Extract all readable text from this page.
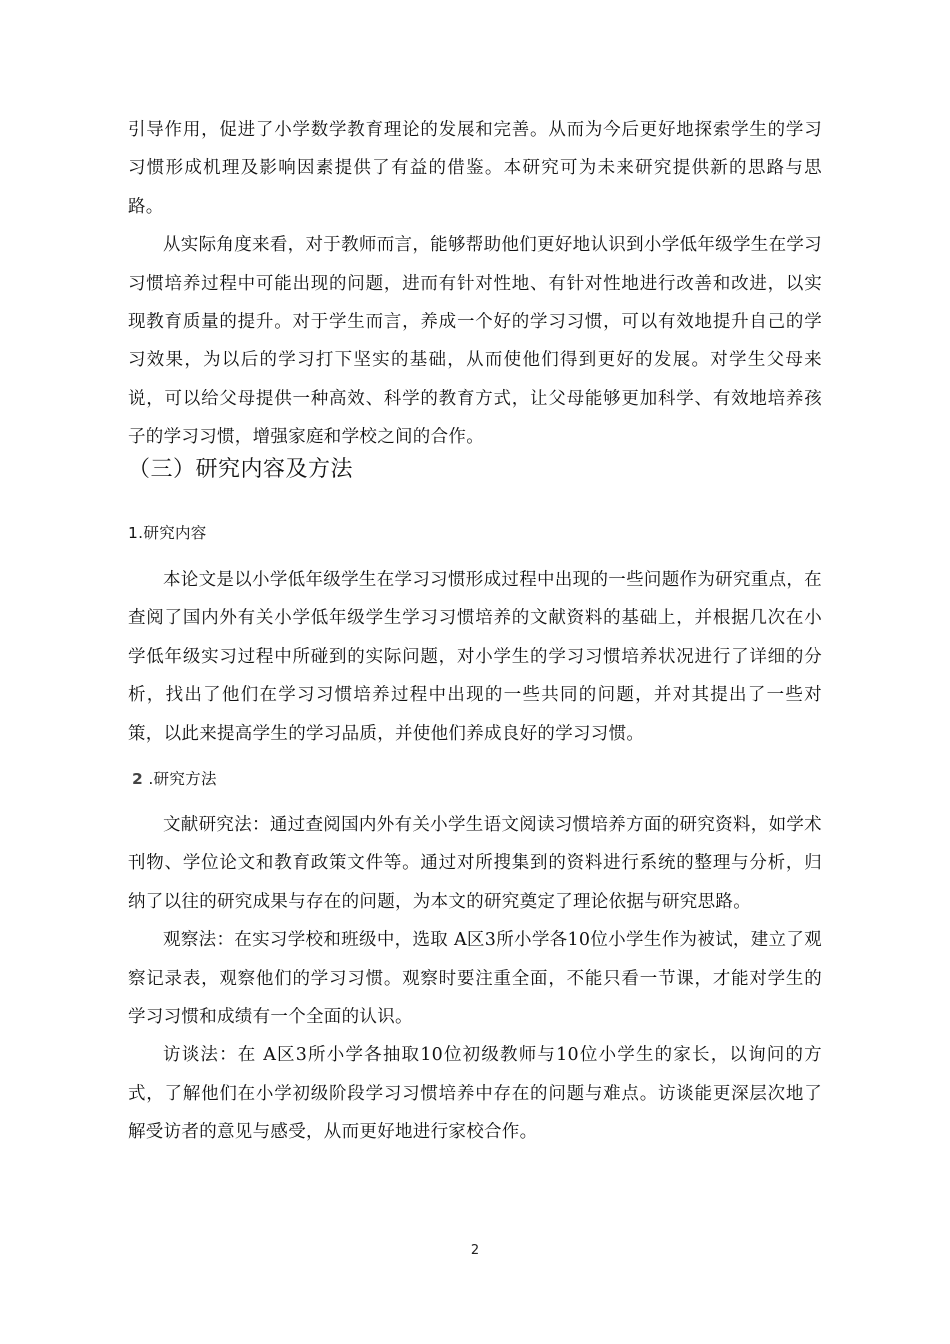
引导作用，促进了小学数学教育理论的发展和完善。从而为今后更好地探索学生的学习习惯形成机理及影响因素提供了有益的借鉴。本研究可为未来研究提供新的思路与思路。

从实际角度来看，对于教师而言，能够帮助他们更好地认识到小学低年级学生在学习习惯培养过程中可能出现的问题，进而有针对性地、有针对性地进行改善和改进，以实现教育质量的提升。对于学生而言，养成一个好的学习习惯，可以有效地提升自己的学习效果，为以后的学习打下坚实的基础，从而使他们得到更好的发展。对学生父母来说，可以给父母提供一种高效、科学的教育方式，让父母能够更加科学、有效地培养孩子的学习习惯，增强家庭和学校之间的合作。

（三）研究内容及方法
1.研究内容

本论文是以小学低年级学生在学习习惯形成过程中出现的一些问题作为研究重点，在查阅了国内外有关小学低年级学生学习习惯培养的文献资料的基础上，并根据几次在小学低年级实习过程中所碰到的实际问题，对小学生的学习习惯培养状况进行了详细的分析，找出了他们在学习习惯培养过程中出现的一些共同的问题，并对其提出了一些对策，以此来提高学生的学习品质，并使他们养成良好的学习习惯。

2 .研究方法

文献研究法：通过查阅国内外有关小学生语文阅读习惯培养方面的研究资料，如学术刊物、学位论文和教育政策文件等。通过对所搜集到的资料进行系统的整理与分析，归纳了以往的研究成果与存在的问题，为本文的研究奠定了理论依据与研究思路。

观察法：在实习学校和班级中，选取 A区3所小学各10位小学生作为被试，建立了观察记录表，观察他们的学习习惯。观察时要注重全面，不能只看一节课，才能对学生的学习习惯和成绩有一个全面的认识。

访谈法：在 A区3所小学各抽取10位初级教师与10位小学生的家长，以询问的方式，了解他们在小学初级阶段学习习惯培养中存在的问题与难点。访谈能更深层次地了解受访者的意见与感受，从而更好地进行家校合作。

2
